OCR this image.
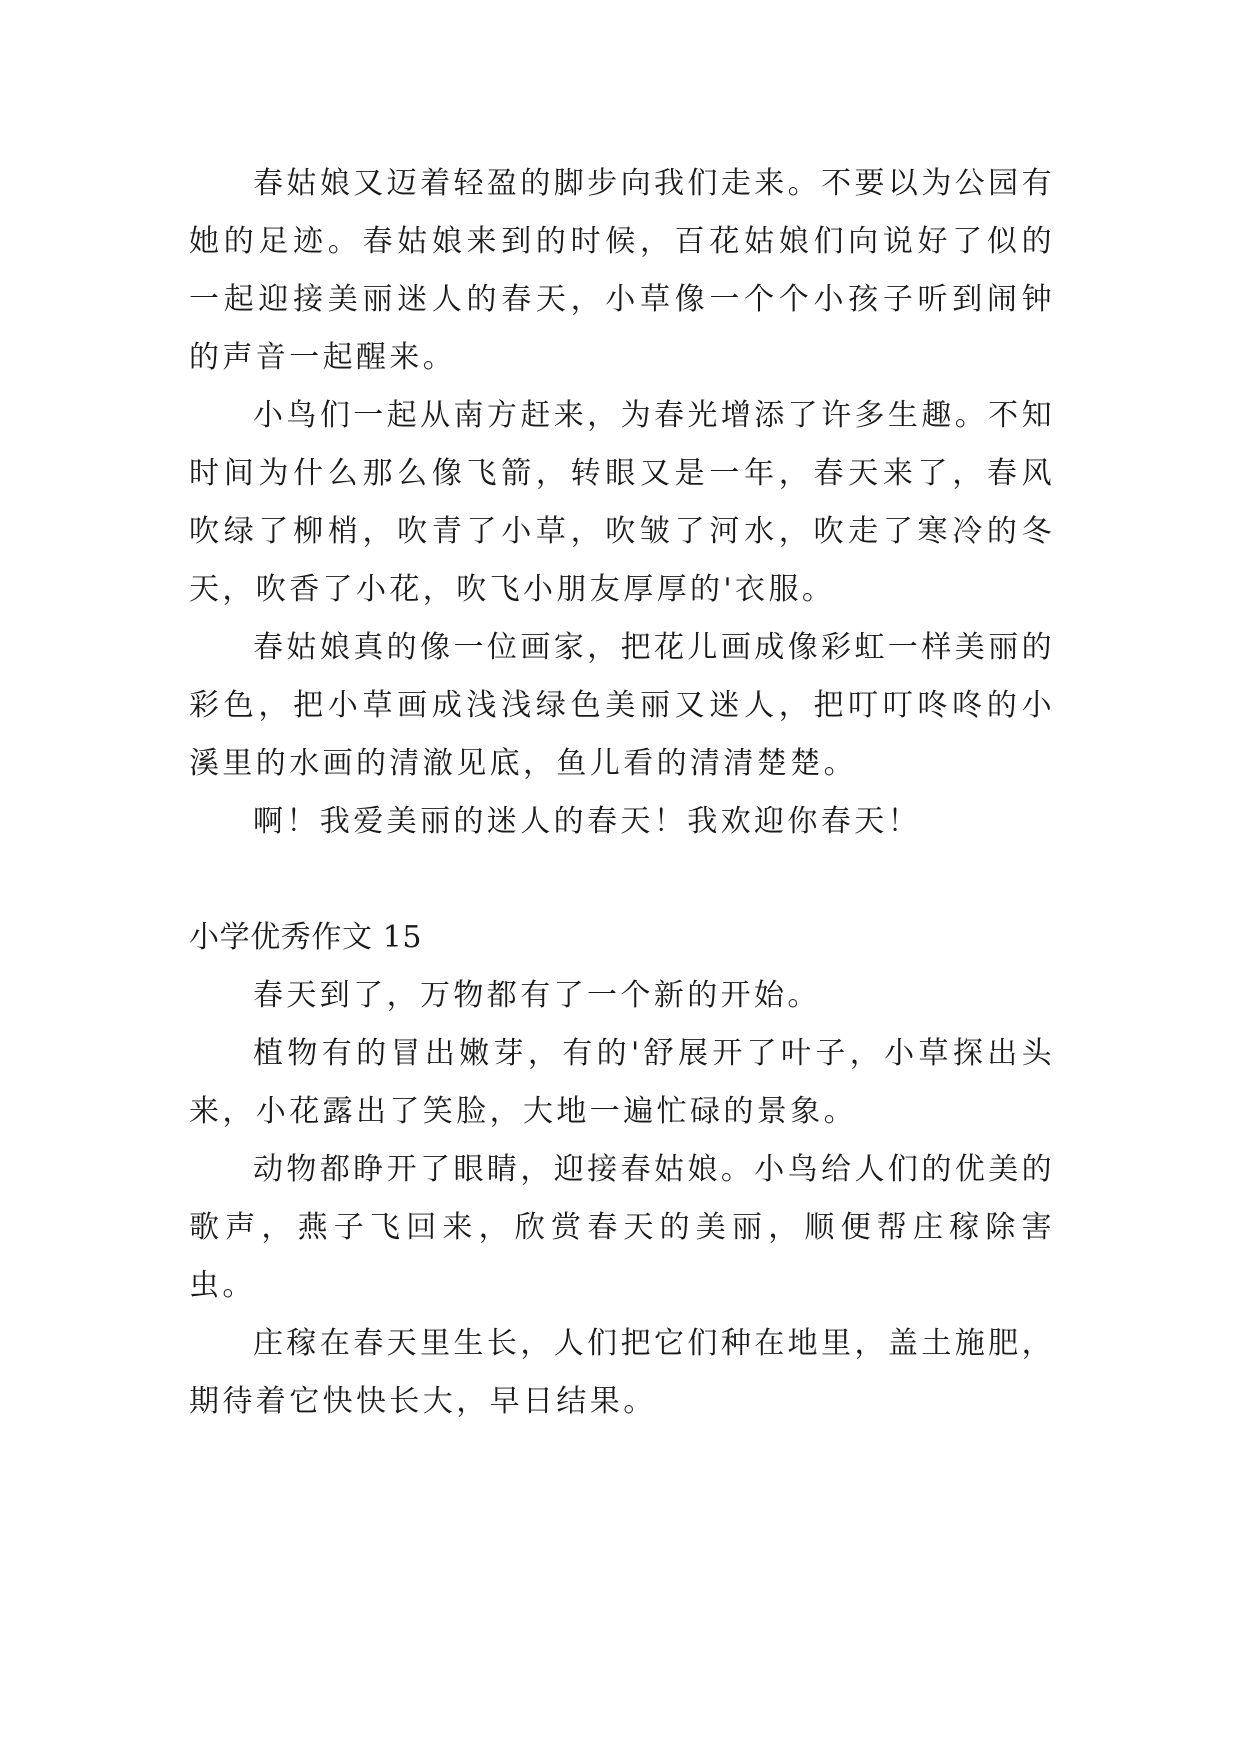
春姑娘又迈着轻盈的脚步向我们走来。不要以为公园有她的足迹。春姑娘来到的时候，百花姑娘们向说好了似的一起迎接美丽迷人的春天，小草像一个个小孩子听到闹钟的声音一起醒来。

小鸟们一起从南方赶来，为春光增添了许多生趣。不知时间为什么那么像飞箭，转眼又是一年，春天来了，春风吹绿了柳梢，吹青了小草，吹皱了河水，吹走了寒冷的冬天，吹香了小花，吹飞小朋友厚厚的'衣服。

春姑娘真的像一位画家，把花儿画成像彩虹一样美丽的彩色，把小草画成浅浅绿色美丽又迷人，把叮叮咚咚的小溪里的水画的清澈见底，鱼儿看的清清楚楚。

啊！我爱美丽的迷人的春天！我欢迎你春天！

小学优秀作文 15

春天到了，万物都有了一个新的开始。

植物有的冒出嫩芽，有的'舒展开了叶子，小草探出头来，小花露出了笑脸，大地一遍忙碌的景象。

动物都睁开了眼睛，迎接春姑娘。小鸟给人们的优美的歌声，燕子飞回来，欣赏春天的美丽，顺便帮庄稼除害虫。

庄稼在春天里生长，人们把它们种在地里，盖土施肥，期待着它快快长大，早日结果。
